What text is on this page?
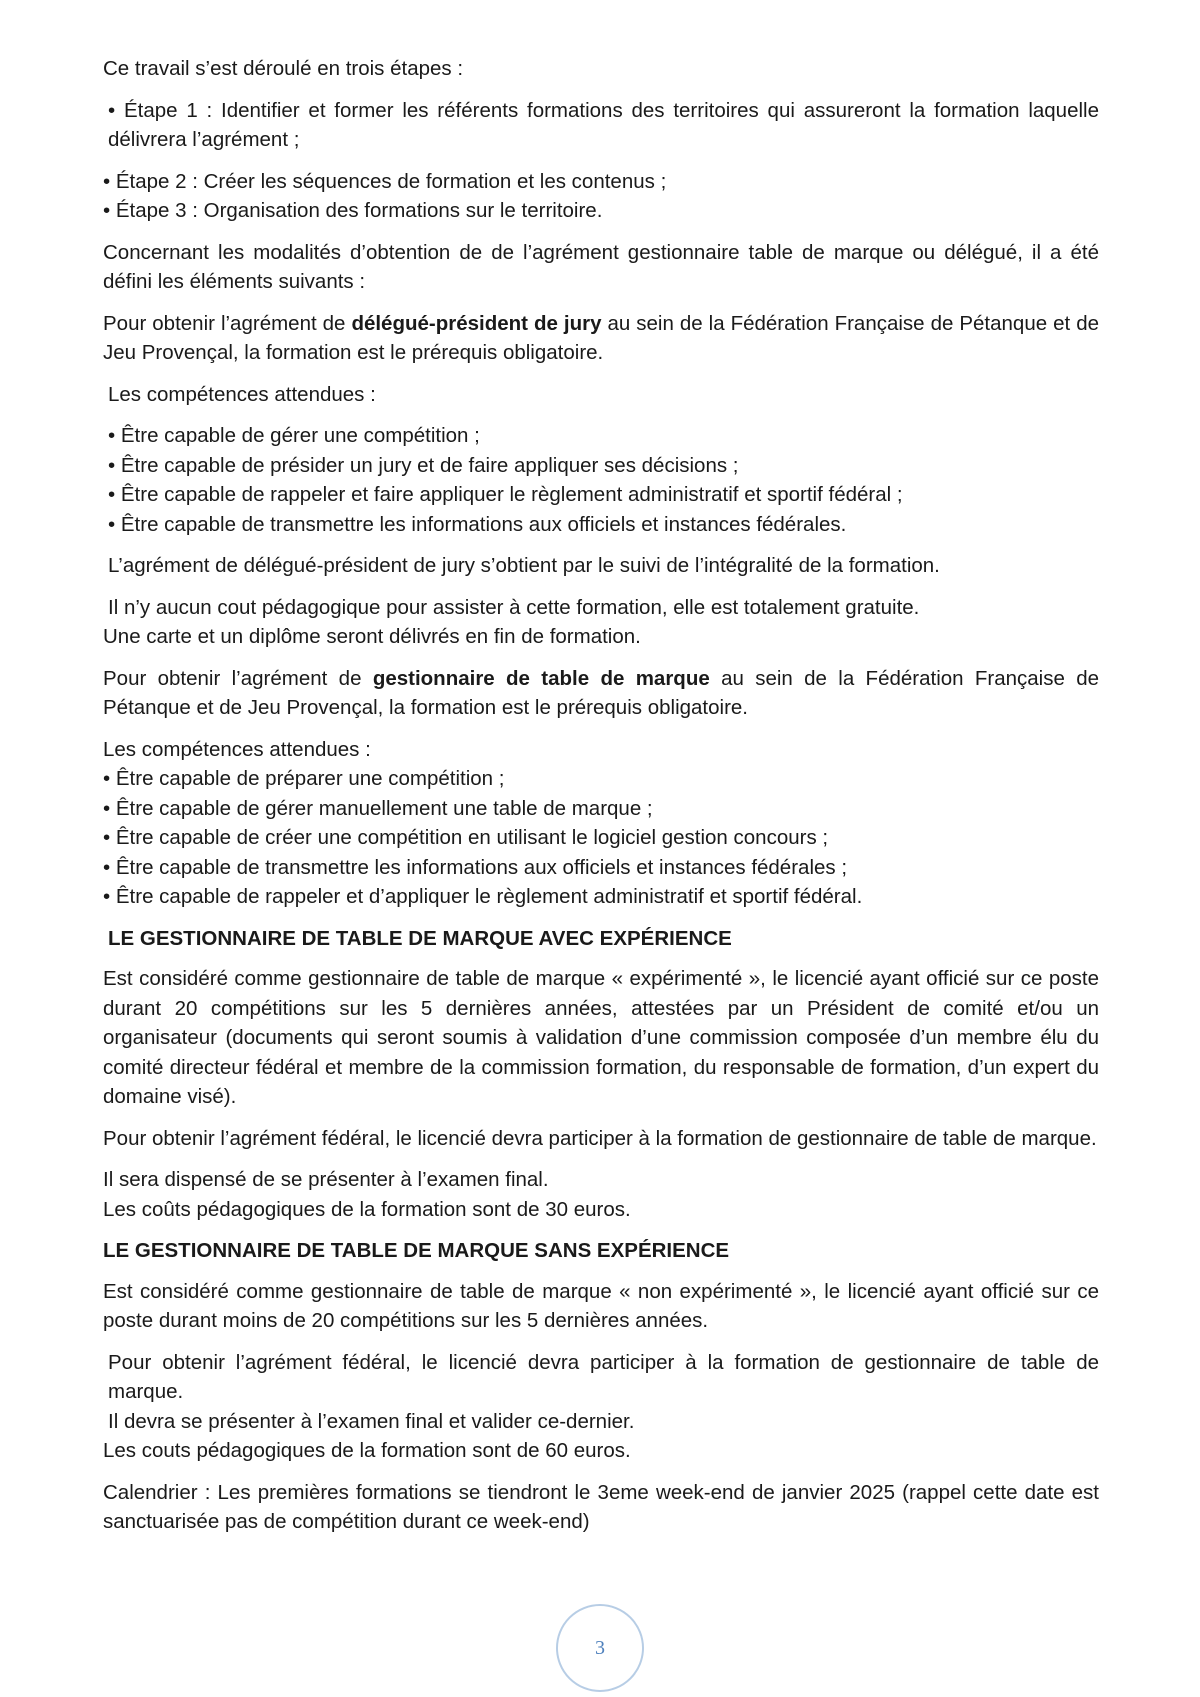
Ce travail s’est déroulé en trois étapes :

• Étape 1 : Identifier et former les référents formations des territoires qui assureront la formation laquelle délivrera l’agrément ;

• Étape 2 : Créer les séquences de formation et les contenus ;
• Étape 3 : Organisation des formations sur le territoire.

Concernant les modalités d’obtention de de l’agrément gestionnaire table de marque ou délégué, il a été défini les éléments suivants :

Pour obtenir l’agrément de délégué-président de jury au sein de la Fédération Française de Pétanque et de Jeu Provençal, la formation est le prérequis obligatoire.

Les compétences attendues :

• Être capable de gérer une compétition ;
• Être capable de présider un jury et de faire appliquer ses décisions ;
• Être capable de rappeler et faire appliquer le règlement administratif et sportif fédéral ;
• Être capable de transmettre les informations aux officiels et instances fédérales.

L’agrément de délégué-président de jury s’obtient par le suivi de l’intégralité de la formation.

Il n’y aucun cout pédagogique pour assister à cette formation, elle est totalement gratuite.
Une carte et un diplôme seront délivrés en fin de formation.

Pour obtenir l’agrément de gestionnaire de table de marque au sein de la Fédération Française de Pétanque et de Jeu Provençal, la formation est le prérequis obligatoire.

Les compétences attendues :
• Être capable de préparer une compétition ;
• Être capable de gérer manuellement une table de marque ;
• Être capable de créer une compétition en utilisant le logiciel gestion concours ;
• Être capable de transmettre les informations aux officiels et instances fédérales ;
• Être capable de rappeler et d’appliquer le règlement administratif et sportif fédéral.

LE GESTIONNAIRE DE TABLE DE MARQUE AVEC EXPÉRIENCE

Est considéré comme gestionnaire de table de marque « expérimenté », le licencié ayant officié sur ce poste durant 20 compétitions sur les 5 dernières années, attestées par un Président de comité et/ou un organisateur (documents qui seront soumis à validation d’une commission composée d’un membre élu du comité directeur fédéral et membre de la commission formation, du responsable de formation, d’un expert du domaine visé).

Pour obtenir l’agrément fédéral, le licencié devra participer à la formation de gestionnaire de table de marque.

Il sera dispensé de se présenter à l’examen final.
Les coûts pédagogiques de la formation sont de 30 euros.

LE GESTIONNAIRE DE TABLE DE MARQUE SANS EXPÉRIENCE

Est considéré comme gestionnaire de table de marque « non expérimenté », le licencié ayant officié sur ce poste durant moins de 20 compétitions sur les 5 dernières années.

Pour obtenir l’agrément fédéral, le licencié devra participer à la formation de gestionnaire de table de marque.
Il devra se présenter à l’examen final et valider ce-dernier.
Les couts pédagogiques de la formation sont de 60 euros.

Calendrier : Les premières formations se tiendront le 3eme week-end de janvier 2025 (rappel cette date est sanctuarisée pas de compétition durant ce week-end)

3
